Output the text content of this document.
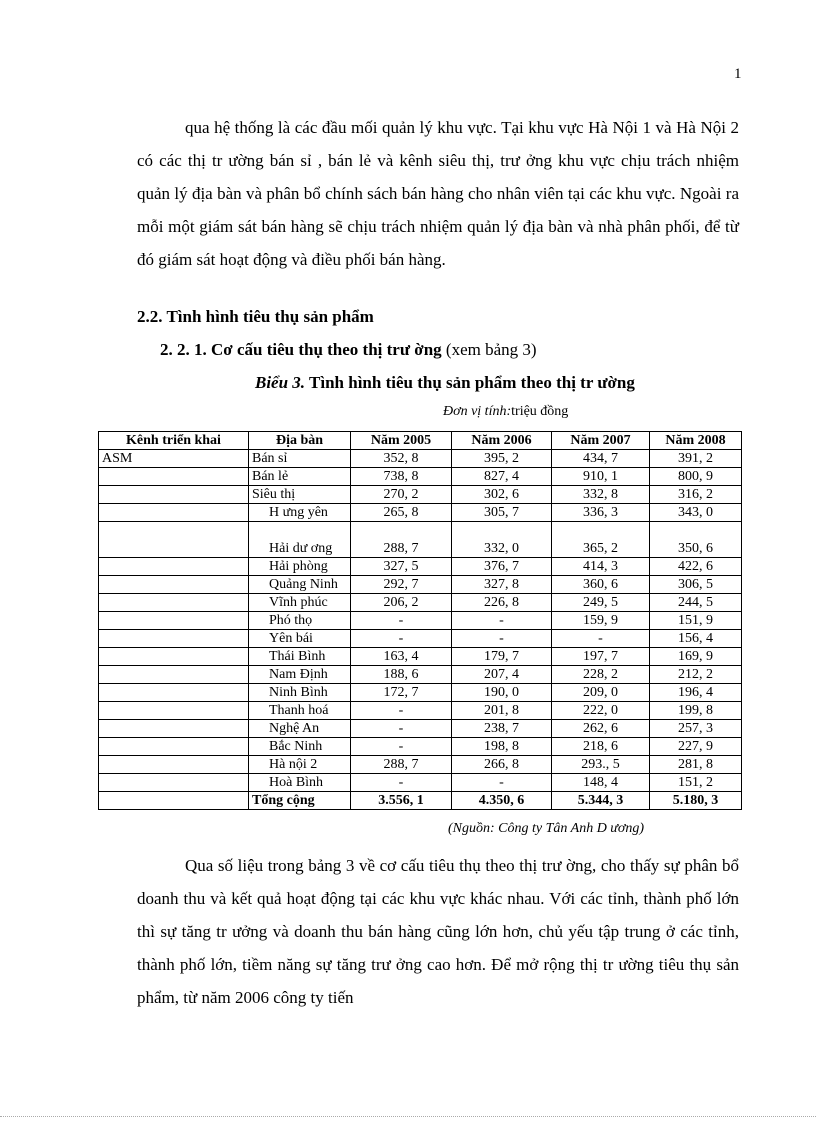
1

qua hệ thống là các đầu mối quản lý khu vực. Tại khu vực Hà Nội 1 và Hà Nội 2 có các thị tr ường bán sỉ , bán lẻ và kênh siêu thị, trư ởng khu vực chịu trách nhiệm quản lý địa bàn và phân bổ chính sách bán hàng cho nhân viên tại các khu vực. Ngoài ra mỗi một giám sát bán hàng sẽ chịu trách nhiệm quản lý địa bàn và nhà phân phối, để từ đó giám sát hoạt động và điều phối bán hàng.

2.2. Tình hình tiêu thụ sản phẩm
2. 2. 1. Cơ cấu tiêu thụ theo thị trư ờng (xem bảng 3)
Biểu 3. Tình hình tiêu thụ sản phẩm theo thị tr ường
Đơn vị tính:triệu đồng
Kênh triển khai	Địa bàn	Năm 2005	Năm 2006	Năm 2007	Năm 2008
ASM	Bán sỉ	352, 8	395, 2	434, 7	391, 2
	Bán lẻ	738, 8	827, 4	910, 1	800, 9
	Siêu thị	270, 2	302, 6	332, 8	316, 2
	H ưng yên	265, 8	305, 7	336, 3	343, 0
	Hải dư ơng	288, 7	332, 0	365, 2	350, 6
	Hải phòng	327, 5	376, 7	414, 3	422, 6
	Quảng Ninh	292, 7	327, 8	360, 6	306, 5
	Vĩnh phúc	206, 2	226, 8	249, 5	244, 5
	Phó thọ	-	-	159, 9	151, 9
	Yên bái	-	-	-	156, 4
	Thái Bình	163, 4	179, 7	197, 7	169, 9
	Nam Định	188, 6	207, 4	228, 2	212, 2
	Ninh Bình	172, 7	190, 0	209, 0	196, 4
	Thanh hoá	-	201, 8	222, 0	199, 8
	Nghệ An	-	238, 7	262, 6	257, 3
	Bắc Ninh	-	198, 8	218, 6	227, 9
	Hà nội 2	288, 7	266, 8	293., 5	281, 8
	Hoà Bình	-	-	148, 4	151, 2
	Tổng cộng	3.556, 1	4.350, 6	5.344, 3	5.180, 3
(Nguồn: Công ty Tân Anh D ương)

Qua số liệu trong bảng 3 về cơ cấu tiêu thụ theo thị trư ờng, cho thấy sự phân bổ doanh thu và kết quả hoạt động tại các khu vực khác nhau. Với các tỉnh, thành phố lớn thì sự tăng tr ưởng và doanh thu bán hàng cũng lớn hơn, chủ yếu tập trung ở các tỉnh, thành phố lớn, tiềm năng sự tăng trư ởng cao hơn. Để mở rộng thị tr ường tiêu thụ sản phẩm, từ năm 2006 công ty tiến
